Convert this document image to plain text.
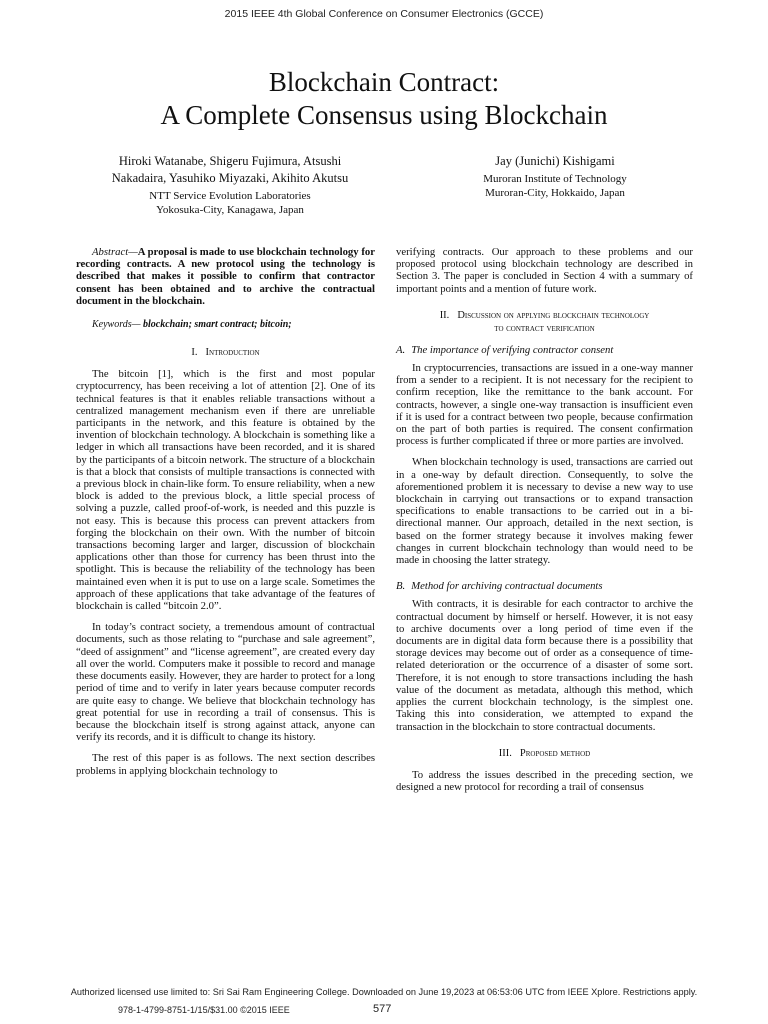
2015 IEEE 4th Global Conference on Consumer Electronics (GCCE)
Blockchain Contract:
A Complete Consensus using Blockchain
Hiroki Watanabe, Shigeru Fujimura, Atsushi
Nakadaira, Yasuhiko Miyazaki, Akihito Akutsu
NTT Service Evolution Laboratories
Yokosuka-City, Kanagawa, Japan
Jay (Junichi) Kishigami
Muroran Institute of Technology
Muroran-City, Hokkaido, Japan

Abstract—A proposal is made to use blockchain technology for recording contracts. A new protocol using the technology is described that makes it possible to confirm that contractor consent has been obtained and to archive the contractual document in the blockchain.

Keywords— blockchain; smart contract; bitcoin;

I. Introduction

The bitcoin [1], which is the first and most popular cryptocurrency, has been receiving a lot of attention [2]. One of its technical features is that it enables reliable transactions without a centralized management mechanism even if there are unreliable participants in the network, and this feature is obtained by the invention of blockchain technology. A blockchain is something like a ledger in which all transactions have been recorded, and it is shared by the participants of a bitcoin network. The structure of a blockchain is that a block that consists of multiple transactions is connected with a previous block in chain-like form. To ensure reliability, when a new block is added to the previous block, a little special process of solving a puzzle, called proof-of-work, is needed and this puzzle is not easy. This is because this process can prevent attackers from forging the blockchain on their own. With the number of bitcoin transactions becoming larger and larger, discussion of blockchain applications other than those for currency has been thrust into the spotlight. This is because the reliability of the technology has been maintained even when it is put to use on a large scale. Sometimes the approach of these applications that take advantage of the features of blockchain is called “bitcoin 2.0”.

In today’s contract society, a tremendous amount of contractual documents, such as those relating to “purchase and sale agreement”, “deed of assignment” and “license agreement”, are created every day all over the world. Computers make it possible to record and manage these documents easily. However, they are harder to protect for a long period of time and to verify in later years because computer records are quite easy to change. We believe that blockchain technology has great potential for use in recording a trail of consensus. This is because the blockchain itself is strong against attack, anyone can verify its records, and it is difficult to change its history.

The rest of this paper is as follows. The next section describes problems in applying blockchain technology to

verifying contracts. Our approach to these problems and our proposed protocol using blockchain technology are described in Section 3. The paper is concluded in Section 4 with a summary of important points and a mention of future work.

II. Discussion on applying blockchain technology
to contract verification
A. The importance of verifying contractor consent

In cryptocurrencies, transactions are issued in a one-way manner from a sender to a recipient. It is not necessary for the recipient to confirm reception, like the remittance to the bank account. For contracts, however, a single one-way transaction is insufficient even if it is used for a contract between two people, because confirmation on the part of both parties is required. The consent confirmation process is further complicated if three or more parties are involved.

When blockchain technology is used, transactions are carried out in a one-way by default direction. Consequently, to solve the aforementioned problem it is necessary to devise a new way to use blockchain in carrying out transactions or to expand transaction specifications to enable transactions to be carried out in a bi-directional manner. Our approach, detailed in the next section, is based on the former strategy because it involves making fewer changes in current blockchain technology than would need to be made in choosing the latter strategy.

B. Method for archiving contractual documents

With contracts, it is desirable for each contractor to archive the contractual document by himself or herself. However, it is not easy to archive documents over a long period of time even if the documents are in digital data form because there is a possibility that storage devices may become out of order as a consequence of time-related deterioration or the occurrence of a disaster of some sort. Therefore, it is not enough to store transactions including the hash value of the document as metadata, although this method, which applies the current blockchain technology, is the simplest one. Taking this into consideration, we attempted to expand the transaction in the blockchain to store contractual documents.

III. Proposed method

To address the issues described in the preceding section, we designed a new protocol for recording a trail of consensus

Authorized licensed use limited to: Sri Sai Ram Engineering College. Downloaded on June 19,2023 at 06:53:06 UTC from IEEE Xplore. Restrictions apply.
978-1-4799-8751-1/15/$31.00 ©2015 IEEE	577
